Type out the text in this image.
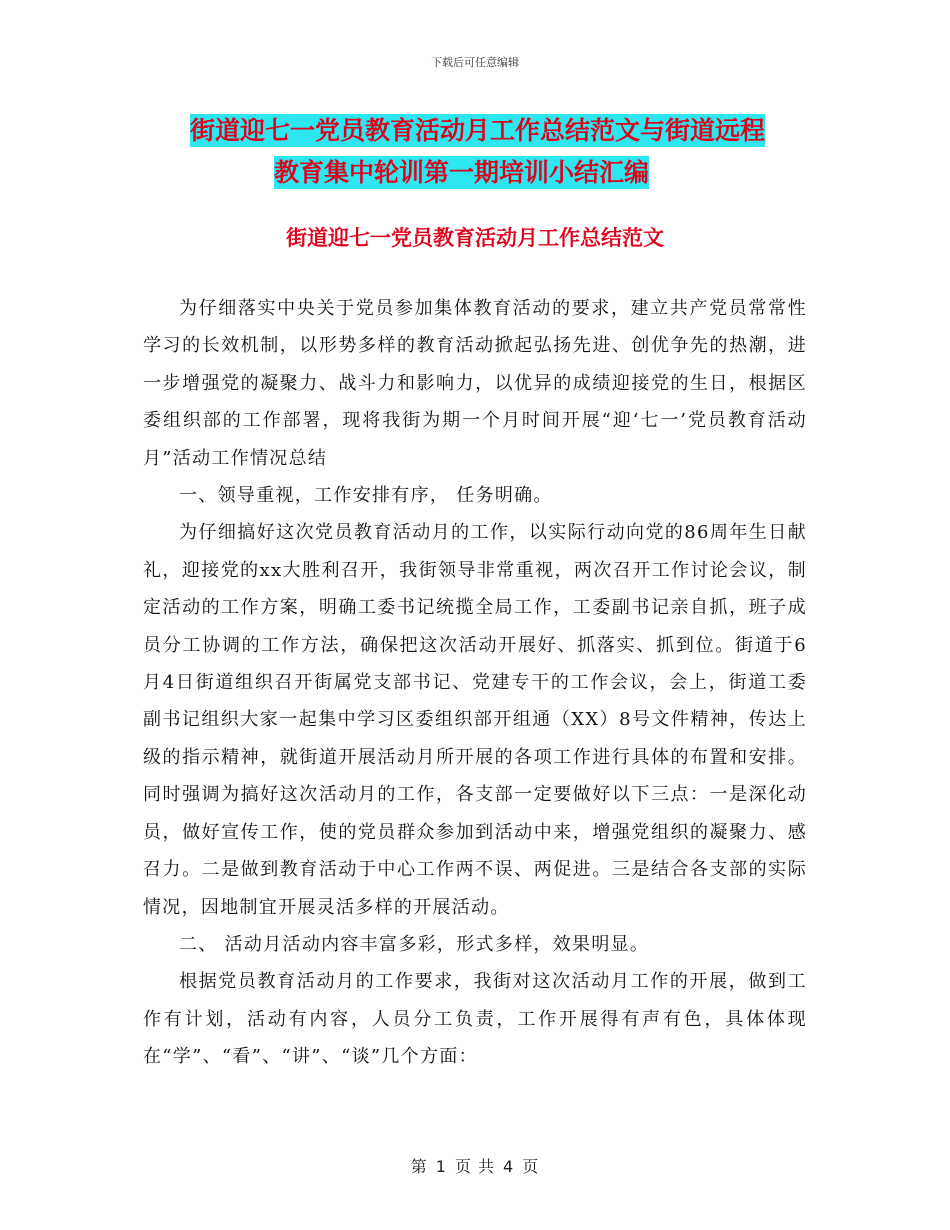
下载后可任意编辑
街道迎七一党员教育活动月工作总结范文与街道远程
教育集中轮训第一期培训小结汇编
街道迎七一党员教育活动月工作总结范文

为仔细落实中央关于党员参加集体教育活动的要求，建立共产党员常常性学习的长效机制，以形势多样的教育活动掀起弘扬先进、创优争先的热潮，进一步增强党的凝聚力、战斗力和影响力，以优异的成绩迎接党的生日，根据区委组织部的工作部署，现将我街为期一个月时间开展“迎‘七一’党员教育活动月”活动工作情况总结

一、领导重视，工作安排有序， 任务明确。

为仔细搞好这次党员教育活动月的工作，以实际行动向党的86周年生日献礼，迎接党的xx大胜利召开，我街领导非常重视，两次召开工作讨论会议，制定活动的工作方案，明确工委书记统揽全局工作，工委副书记亲自抓，班子成员分工协调的工作方法，确保把这次活动开展好、抓落实、抓到位。街道于6月4日街道组织召开街属党支部书记、党建专干的工作会议，会上，街道工委副书记组织大家一起集中学习区委组织部开组通（XX）8号文件精神，传达上级的指示精神，就街道开展活动月所开展的各项工作进行具体的布置和安排。同时强调为搞好这次活动月的工作，各支部一定要做好以下三点：一是深化动员，做好宣传工作，使的党员群众参加到活动中来，增强党组织的凝聚力、感召力。二是做到教育活动于中心工作两不误、两促进。三是结合各支部的实际情况，因地制宜开展灵活多样的开展活动。

二、 活动月活动内容丰富多彩，形式多样，效果明显。

根据党员教育活动月的工作要求，我街对这次活动月工作的开展，做到工作有计划，活动有内容，人员分工负责，工作开展得有声有色，具体体现在“学”、“看”、“讲”、“谈”几个方面：

第 1 页 共 4 页
